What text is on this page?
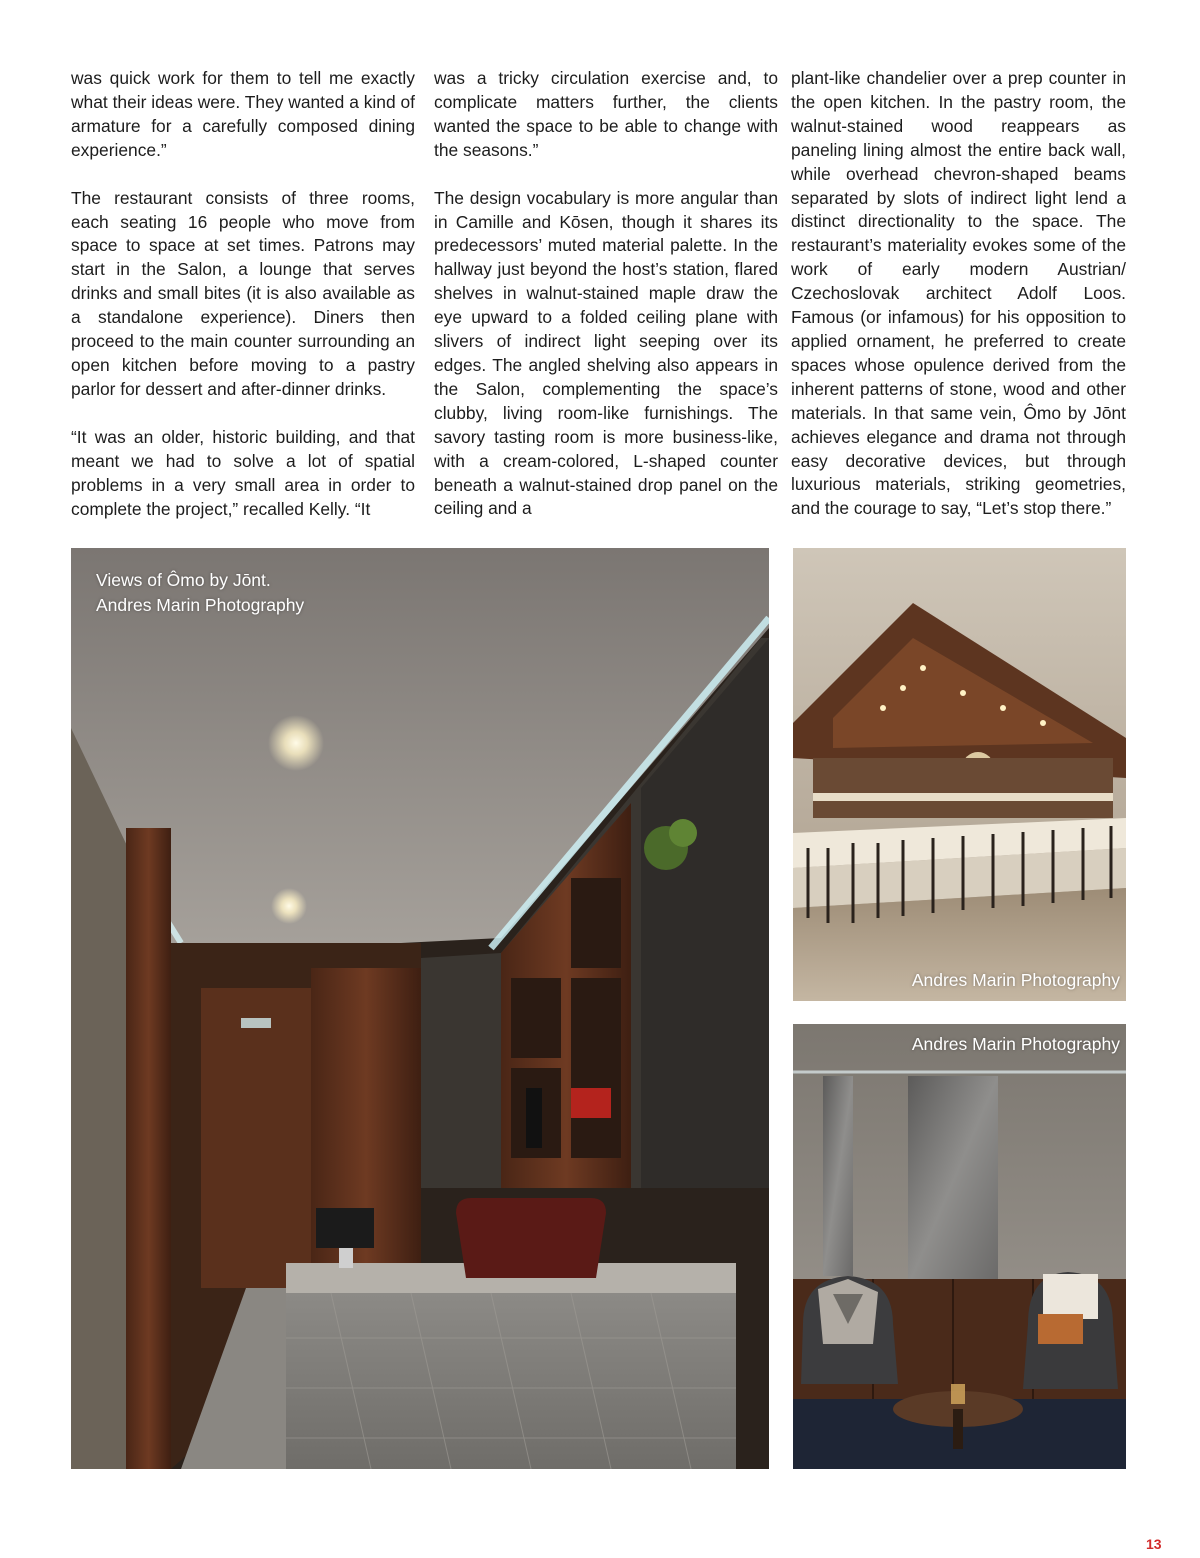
was quick work for them to tell me exactly what their ideas were. They wanted a kind of armature for a carefully composed dining experience.”

The restaurant consists of three rooms, each seating 16 people who move from space to space at set times. Patrons may start in the Salon, a lounge that serves drinks and small bites (it is also available as a standalone experience). Diners then proceed to the main counter surrounding an open kitchen before moving to a pastry parlor for dessert and after-dinner drinks.

“It was an older, historic building, and that meant we had to solve a lot of spatial problems in a very small area in order to complete the project,” recalled Kelly. “It

was a tricky circulation exercise and, to complicate matters further, the clients wanted the space to be able to change with the seasons.”

The design vocabulary is more angular than in Camille and Kōsen, though it shares its predecessors’ muted material palette. In the hallway just beyond the host’s station, flared shelves in walnut-stained maple draw the eye upward to a folded ceiling plane with slivers of indirect light seeping over its edges. The angled shelving also appears in the Salon, complementing the space’s clubby, living room-like furnishings. The savory tasting room is more business-like, with a cream-colored, L-shaped counter beneath a walnut-stained drop panel on the ceiling and a

plant-like chandelier over a prep counter in the open kitchen. In the pastry room, the walnut-stained wood reappears as paneling lining almost the entire back wall, while overhead chevron-shaped beams separated by slots of indirect light lend a distinct directionality to the space. The restaurant’s materiality evokes some of the work of early modern Austrian/ Czechoslovak architect Adolf Loos. Famous (or infamous) for his opposition to applied ornament, he preferred to create spaces whose opulence derived from the inherent patterns of stone, wood and other materials. In that same vein, Ômo by Jōnt achieves elegance and drama not through easy decorative devices, but through luxurious materials, striking geometries, and the courage to say, “Let’s stop there.”

Views of Ômo by Jōnt.
Andres Marin Photography
Andres Marin Photography
Andres Marin Photography
13
